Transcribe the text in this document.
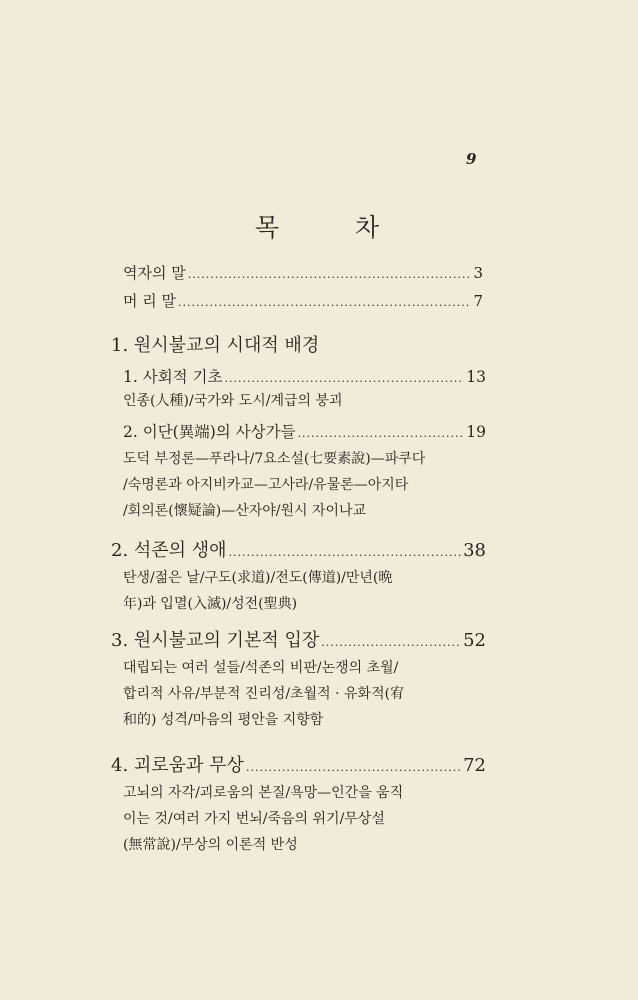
9
목 차
역자의 말 .....	3
머 리 말 .....	7
1. 원시불교의 시대적 배경
1. 사회적 기초 .....	13
인종(人種)/국가와 도시/계급의 붕괴
2. 이단(異端)의 사상가들 .....	19
도덕 부정론—푸라나/7요소설(七要素說)—파쿠다
/숙명론과 아지비카교—고사라/유물론—아지타
/회의론(懷疑論)—산자야/원시 자이나교
2. 석존의 생애 .....	38
탄생/젊은 날/구도(求道)/전도(傳道)/만년(晩
年)과 입멸(入滅)/성전(聖典)
3. 원시불교의 기본적 입장 .....	52
대립되는 여러 설들/석존의 비판/논쟁의 초월/
합리적 사유/부분적 진리성/초월적 · 유화적(宥
和的) 성격/마음의 평안을 지향함
4. 괴로움과 무상 .....	72
고뇌의 자각/괴로움의 본질/욕망—인간을 움직
이는 것/여러 가지 번뇌/죽음의 위기/무상설
(無常說)/무상의 이론적 반성
